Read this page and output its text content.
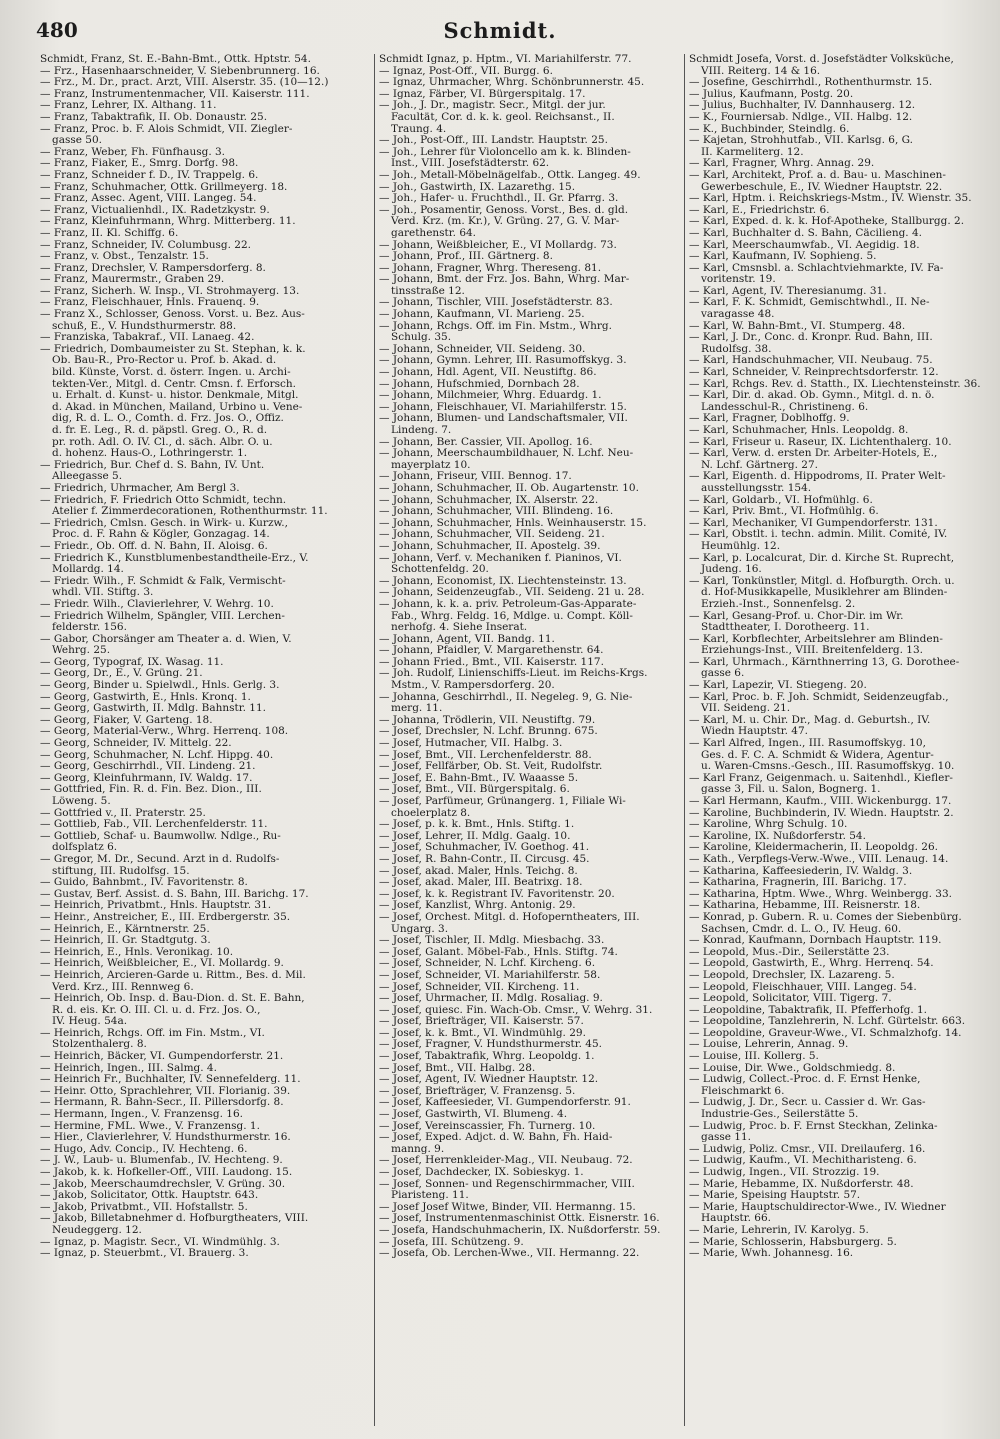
480	Schmidt.
Schmidt, Franz, St. E.-Bahn-Bmt., Ottk. Hptstr. 54.
— Frz., Hasenhaarschneider, V. Siebenbrunnerg. 16.
— Frz., M. Dr., pract. Arzt, VIII. Alserstr. 35. (10—12.)
— Franz, Instrumentenmacher, VII. Kaiserstr. 111.
— Franz, Lehrer, IX. Althang. 11.
— Franz, Tabaktrafik, II. Ob. Donaustr. 25.
— Franz, Proc. b. F. Alois Schmidt, VII. Ziegler-
gasse 50.
— Franz, Weber, Fh. Fünfhausg. 3.
— Franz, Fiaker, E., Smrg. Dorfg. 98.
— Franz, Schneider f. D., IV. Trappelg. 6.
— Franz, Schuhmacher, Ottk. Grillmeyerg. 18.
— Franz, Assec. Agent, VIII. Langeg. 54.
— Franz, Victualienhdl., IX. Radetzkystr. 9.
— Franz, Kleinfuhrmann, Whrg. Mitterberg. 11.
— Franz, II. Kl. Schiffg. 6.
— Franz, Schneider, IV. Columbusg. 22.
— Franz, v. Obst., Tenzalstr. 15.
— Franz, Drechsler, V. Rampersdorferg. 8.
— Franz, Maurermstr., Graben 29.
— Franz, Sicherh. W. Insp., VI. Strohmayerg. 13.
— Franz, Fleischhauer, Hnls. Frauenq. 9.
— Franz X., Schlosser, Genoss. Vorst. u. Bez. Aus-
schuß, E., V. Hundsthurmerstr. 88.
— Franziska, Tabakraf., VII. Lanaeg. 42.
— Friedrich, Dombaumeister zu St. Stephan, k. k.
Ob. Bau-R., Pro-Rector u. Prof. b. Akad. d.
bild. Künste, Vorst. d. österr. Ingen. u. Archi-
tekten-Ver., Mitgl. d. Centr. Cmsn. f. Erforsch.
u. Erhalt. d. Kunst- u. histor. Denkmale, Mitgl.
d. Akad. in München, Mailand, Urbino u. Vene-
dig, R. d. L. O., Comth. d. Frz. Jos. O., Offiz.
d. fr. E. Leg., R. d. päpstl. Greg. O., R. d.
pr. roth. Adl. O. IV. Cl., d. säch. Albr. O. u.
d. hohenz. Haus-O., Lothringerstr. 1.
— Friedrich, Bur. Chef d. S. Bahn, IV. Unt.
Alleegasse 5.
— Friedrich, Uhrmacher, Am Bergl 3.
— Friedrich, F. Friedrich Otto Schmidt, techn.
Atelier f. Zimmerdecorationen, Rothenthurmstr. 11.
— Friedrich, Cmlsn. Gesch. in Wirk- u. Kurzw.,
Proc. d. F. Rahn & Kögler, Gonzagag. 14.
— Friedr., Ob. Off. d. N. Bahn, II. Aloisg. 6.
— Friedrich K., Kunstblumenbestandtheile-Erz., V.
Mollardg. 14.
— Friedr. Wilh., F. Schmidt & Falk, Vermischt-
whdl. VII. Stiftg. 3.
— Friedr. Wilh., Clavierlehrer, V. Wehrg. 10.
— Friedrich Wilhelm, Spängler, VIII. Lerchen-
felderstr. 156.
— Gabor, Chorsänger am Theater a. d. Wien, V.
Wehrg. 25.
— Georg, Typograf, IX. Wasag. 11.
— Georg, Dr., E., V. Grüng. 21.
— Georg, Binder u. Spielwdl., Hnls. Gerlg. 3.
— Georg, Gastwirth, E., Hnls. Kronq. 1.
— Georg, Gastwirth, II. Mdlg. Bahnstr. 11.
— Georg, Fiaker, V. Garteng. 18.
— Georg, Material-Verw., Whrg. Herrenq. 108.
— Georg, Schneider, IV. Mittelg. 22.
— Georg, Schuhmacher, N. Lchf. Hippg. 40.
— Georg, Geschirrhdl., VII. Lindeng. 21.
— Georg, Kleinfuhrmann, IV. Waldg. 17.
— Gottfried, Fin. R. d. Fin. Bez. Dion., III.
Löweng. 5.
— Gottfried v., II. Praterstr. 25.
— Gottlieb, Fab., VII. Lerchenfelderstr. 11.
— Gottlieb, Schaf- u. Baumwollw. Ndlge., Ru-
dolfsplatz 6.
— Gregor, M. Dr., Secund. Arzt in d. Rudolfs-
stiftung, III. Rudolfsg. 15.
— Guido, Bahnbmt., IV. Favoritenstr. 8.
— Gustav, Berf. Assist. d. S. Bahn, III. Barichg. 17.
— Heinrich, Privatbmt., Hnls. Hauptstr. 31.
— Heinr., Anstreicher, E., III. Erdbergerstr. 35.
— Heinrich, E., Kärntnerstr. 25.
— Heinrich, II. Gr. Stadtgutg. 3.
— Heinrich, E., Hnls. Veronikag. 10.
— Heinrich, Weißbleicher, E., VI. Mollardg. 9.
— Heinrich, Arcieren-Garde u. Rittm., Bes. d. Mil.
Verd. Krz., III. Rennweg 6.
— Heinrich, Ob. Insp. d. Bau-Dion. d. St. E. Bahn,
R. d. eis. Kr. O. III. Cl. u. d. Frz. Jos. O.,
IV. Heug. 54a.
— Heinrich, Rchgs. Off. im Fin. Mstm., VI.
Stolzenthalerg. 8.
— Heinrich, Bäcker, VI. Gumpendorferstr. 21.
— Heinrich, Ingen., III. Salmg. 4.
— Heinrich Fr., Buchhalter, IV. Sennefelderg. 11.
— Heinr. Otto, Sprachlehrer, VII. Florianig. 39.
— Hermann, R. Bahn-Secr., II. Pillersdorfg. 8.
— Hermann, Ingen., V. Franzensg. 16.
— Hermine, FML. Wwe., V. Franzensg. 1.
— Hier., Clavierlehrer, V. Hundsthurmerstr. 16.
— Hugo, Adv. Concip., IV. Hechteng. 6.
— J. W., Laub- u. Blumenfab., IV. Hechteng. 9.
— Jakob, k. k. Hofkeller-Off., VIII. Laudong. 15.
— Jakob, Meerschaumdrechsler, V. Grüng. 30.
— Jakob, Solicitator, Ottk. Hauptstr. 643.
— Jakob, Privatbmt., VII. Hofstallstr. 5.
— Jakob, Billetabnehmer d. Hofburgtheaters, VIII.
Neudeggerg. 12.
— Ignaz, p. Magistr. Secr., VI. Windmühlg. 3.
— Ignaz, p. Steuerbmt., VI. Brauerg. 3.
Schmidt Ignaz, p. Hptm., VI. Mariahilferstr. 77.
— Ignaz, Post-Off., VII. Burgg. 6.
— Ignaz, Uhrmacher, Whrg. Schönbrunnerstr. 45.
— Ignaz, Färber, VI. Bürgerspitalg. 17.
— Joh., J. Dr., magistr. Secr., Mitgl. der jur.
Facultät, Cor. d. k. k. geol. Reichsanst., II.
Traung. 4.
— Joh., Post-Off., III. Landstr. Hauptstr. 25.
— Joh., Lehrer für Violoncello am k. k. Blinden-
Inst., VIII. Josefstädterstr. 62.
— Joh., Metall-Möbelnägelfab., Ottk. Langeg. 49.
— Joh., Gastwirth, IX. Lazarethg. 15.
— Joh., Hafer- u. Fruchthdl., II. Gr. Pfarrg. 3.
— Joh., Posamentir, Genoss. Vorst., Bes. d. gld.
Verd. Krz. (m. Kr.), V. Grüng. 27, G. V. Mar-
garethenstr. 64.
— Johann, Weißbleicher, E., VI Mollardg. 73.
— Johann, Prof., III. Gärtnerg. 8.
— Johann, Fragner, Whrg. Thereseng. 81.
— Johann, Bmt. der Frz. Jos. Bahn, Whrg. Mar-
tinsstraße 12.
— Johann, Tischler, VIII. Josefstädterstr. 83.
— Johann, Kaufmann, VI. Marieng. 25.
— Johann, Rchgs. Off. im Fin. Mstm., Whrg.
Schulg. 35.
— Johann, Schneider, VII. Seideng. 30.
— Johann, Gymn. Lehrer, III. Rasumoffskyg. 3.
— Johann, Hdl. Agent, VII. Neustiftg. 86.
— Johann, Hufschmied, Dornbach 28.
— Johann, Milchmeier, Whrg. Eduardg. 1.
— Johann, Fleischhauer, VI. Mariahilferstr. 15.
— Johann, Blumen- und Landschaftsmaler, VII.
Lindeng. 7.
— Johann, Ber. Cassier, VII. Apollog. 16.
— Johann, Meerschaumbildhauer, N. Lchf. Neu-
mayerplatz 10.
— Johann, Friseur, VIII. Bennog. 17.
— Johann, Schuhmacher, II. Ob. Augartenstr. 10.
— Johann, Schuhmacher, IX. Alserstr. 22.
— Johann, Schuhmacher, VIII. Blindeng. 16.
— Johann, Schuhmacher, Hnls. Weinhauserstr. 15.
— Johann, Schuhmacher, VII. Seideng. 21.
— Johann, Schuhmacher, II. Apostelg. 39.
— Johann, Verf. v. Mechaniken f. Pianinos, VI.
Schottenfeldg. 20.
— Johann, Economist, IX. Liechtensteinstr. 13.
— Johann, Seidenzeugfab., VII. Seideng. 21 u. 28.
— Johann, k. k. a. priv. Petroleum-Gas-Apparate-
Fab., Whrg. Feldg. 16, Mdlge. u. Compt. Köll-
nerhofg. 4. Siehe Inserat.
— Johann, Agent, VII. Bandg. 11.
— Johann, Pfaidler, V. Margarethenstr. 64.
— Johann Fried., Bmt., VII. Kaiserstr. 117.
— Joh. Rudolf, Linienschiffs-Lieut. im Reichs-Krgs.
Mstm., V. Rampersdorferg. 20.
— Johanna, Geschirrhdl., II. Negeleg. 9, G. Nie-
merg. 11.
— Johanna, Trödlerin, VII. Neustiftg. 79.
— Josef, Drechsler, N. Lchf. Brunng. 675.
— Josef, Hutmacher, VII. Halbg. 3.
— Josef, Bmt., VII. Lerchenfelderstr. 88.
— Josef, Fellfärber, Ob. St. Veit, Rudolfstr.
— Josef, E. Bahn-Bmt., IV. Waaasse 5.
— Josef, Bmt., VII. Bürgerspitalg. 6.
— Josef, Parfümeur, Grünangerg. 1, Filiale Wi-
choelerplatz 8.
— Josef, p. k. k. Bmt., Hnls. Stiftg. 1.
— Josef, Lehrer, II. Mdlg. Gaalg. 10.
— Josef, Schuhmacher, IV. Goethog. 41.
— Josef, R. Bahn-Contr., II. Circusg. 45.
— Josef, akad. Maler, Hnls. Teichg. 8.
— Josef, akad. Maler, III. Beatrixg. 18.
— Josef, k. k. Registrant IV. Favoritenstr. 20.
— Josef, Kanzlist, Whrg. Antonig. 29.
— Josef, Orchest. Mitgl. d. Hofoperntheaters, III.
Ungarg. 3.
— Josef, Tischler, II. Mdlg. Miesbachg. 33.
— Josef, Galant. Möbel-Fab., Hnls. Stiftg. 74.
— Josef, Schneider, N. Lchf. Kircheng. 6.
— Josef, Schneider, VI. Mariahilferstr. 58.
— Josef, Schneider, VII. Kircheng. 11.
— Josef, Uhrmacher, II. Mdlg. Rosaliag. 9.
— Josef, quiesc. Fin. Wach-Ob. Cmsr., V. Wehrg. 31.
— Josef, Briefträger, VII. Kaiserstr. 57.
— Josef, k. k. Bmt., VI. Windmühlg. 29.
— Josef, Fragner, V. Hundsthurmerstr. 45.
— Josef, Tabaktrafik, Whrg. Leopoldg. 1.
— Josef, Bmt., VII. Halbg. 28.
— Josef, Agent, IV. Wiedner Hauptstr. 12.
— Josef, Briefträger, V. Franzensg. 5.
— Josef, Kaffeesieder, VI. Gumpendorferstr. 91.
— Josef, Gastwirth, VI. Blumeng. 4.
— Josef, Vereinscassier, Fh. Turnerg. 10.
— Josef, Exped. Adjct. d. W. Bahn, Fh. Haid-
manng. 9.
— Josef, Herrenkleider-Mag., VII. Neubaug. 72.
— Josef, Dachdecker, IX. Sobieskyg. 1.
— Josef, Sonnen- und Regenschirmmacher, VIII.
Piaristeng. 11.
— Josef Josef Witwe, Binder, VII. Hermanng. 15.
— Josef, Instrumentenmaschinist Ottk. Eisnerstr. 16.
— Josefa, Handschuhmacherin, IX. Nußdorferstr. 59.
— Josefa, III. Schützeng. 9.
— Josefa, Ob. Lerchen-Wwe., VII. Hermanng. 22.
Schmidt Josefa, Vorst. d. Josefstädter Volksküche,
VIII. Reiterg. 14 & 16.
— Josefine, Geschirrhdl., Rothenthurmstr. 15.
— Julius, Kaufmann, Postg. 20.
— Julius, Buchhalter, IV. Dannhauserg. 12.
— K., Fourniersab. Ndlge., VII. Halbg. 12.
— K., Buchbinder, Steindlg. 6.
— Kajetan, Strohhutfab., VII. Karlsg. 6, G.
II. Karmeliterg. 12.
— Karl, Fragner, Whrg. Annag. 29.
— Karl, Architekt, Prof. a. d. Bau- u. Maschinen-
Gewerbeschule, E., IV. Wiedner Hauptstr. 22.
— Karl, Hptm. i. Reichskriegs-Mstm., IV. Wienstr. 35.
— Karl, E., Friedrichstr. 6.
— Karl, Exped. d. k. k. Hof-Apotheke, Stallburgg. 2.
— Karl, Buchhalter d. S. Bahn, Cäcilieng. 4.
— Karl, Meerschaumwfab., VI. Aegidig. 18.
— Karl, Kaufmann, IV. Sophieng. 5.
— Karl, Cmsnsbl. a. Schlachtviehmarkte, IV. Fa-
voritenstr. 19.
— Karl, Agent, IV. Theresianumg. 31.
— Karl, F. K. Schmidt, Gemischtwhdl., II. Ne-
varagasse 48.
— Karl, W. Bahn-Bmt., VI. Stumperg. 48.
— Karl, J. Dr., Conc. d. Kronpr. Rud. Bahn, III.
Rudolfsg. 38.
— Karl, Handschuhmacher, VII. Neubaug. 75.
— Karl, Schneider, V. Reinprechtsdorferstr. 12.
— Karl, Rchgs. Rev. d. Statth., IX. Liechtensteinstr. 36.
— Karl, Dir. d. akad. Ob. Gymn., Mitgl. d. n. ö.
Landesschul-R., Christineng. 6.
— Karl, Fragner, Doblhoffg. 9.
— Karl, Schuhmacher, Hnls. Leopoldg. 8.
— Karl, Friseur u. Raseur, IX. Lichtenthalerg. 10.
— Karl, Verw. d. ersten Dr. Arbeiter-Hotels, E.,
N. Lchf. Gärtnerg. 27.
— Karl, Eigenth. d. Hippodroms, II. Prater Welt-
ausstellungsstr. 154.
— Karl, Goldarb., VI. Hofmühlg. 6.
— Karl, Priv. Bmt., VI. Hofmühlg. 6.
— Karl, Mechaniker, VI Gumpendorferstr. 131.
— Karl, Obstlt. i. techn. admin. Milit. Comité, IV.
Heumühlg. 12.
— Karl, p. Localcurat, Dir. d. Kirche St. Ruprecht,
Judeng. 16.
— Karl, Tonkünstler, Mitgl. d. Hofburgth. Orch. u.
d. Hof-Musikkapelle, Musiklehrer am Blinden-
Erzieh.-Inst., Sonnenfelsg. 2.
— Karl, Gesang-Prof. u. Chor-Dir. im Wr.
Stadttheater, I. Dorotheerg. 11.
— Karl, Korbflechter, Arbeitslehrer am Blinden-
Erziehungs-Inst., VIII. Breitenfelderg. 13.
— Karl, Uhrmach., Kärnthnerring 13, G. Dorothee-
gasse 6.
— Karl, Lapezir, VI. Stiegeng. 20.
— Karl, Proc. b. F. Joh. Schmidt, Seidenzeugfab.,
VII. Seideng. 21.
— Karl, M. u. Chir. Dr., Mag. d. Geburtsh., IV.
Wiedn Hauptstr. 47.
— Karl Alfred, Ingen., III. Rasumoffskyg. 10,
Ges. d. F. C. A. Schmidt & Widera, Agentur-
u. Waren-Cmsns.-Gesch., III. Rasumoffskyg. 10.
— Karl Franz, Geigenmach. u. Saitenhdl., Kiefler-
gasse 3, Fil. u. Salon, Bognerg. 1.
— Karl Hermann, Kaufm., VIII. Wickenburgg. 17.
— Karoline, Buchbinderin, IV. Wiedn. Hauptstr. 2.
— Karoline, Whrg Schulg. 10.
— Karoline, IX. Nußdorferstr. 54.
— Karoline, Kleidermacherin, II. Leopoldg. 26.
— Kath., Verpflegs-Verw.-Wwe., VIII. Lenaug. 14.
— Katharina, Kaffeesiederin, IV. Waldg. 3.
— Katharina, Fragnerin, III. Barichg. 17.
— Katharina, Hptm. Wwe., Whrg. Weinbergg. 33.
— Katharina, Hebamme, III. Reisnerstr. 18.
— Konrad, p. Gubern. R. u. Comes der Siebenbürg.
Sachsen, Cmdr. d. L. O., IV. Heug. 60.
— Konrad, Kaufmann, Dornbach Hauptstr. 119.
— Leopold, Mus.-Dir., Seilerstätte 23.
— Leopold, Gastwirth, E., Whrg. Herrenq. 54.
— Leopold, Drechsler, IX. Lazareng. 5.
— Leopold, Fleischhauer, VIII. Langeg. 54.
— Leopold, Solicitator, VIII. Tigerg. 7.
— Leopoldine, Tabaktrafik, II. Pfefferhofg. 1.
— Leopoldine, Tanzlehrerin, N. Lchf. Gürtelstr. 663.
— Leopoldine, Graveur-Wwe., VI. Schmalzhofg. 14.
— Louise, Lehrerin, Annag. 9.
— Louise, III. Kollerg. 5.
— Louise, Dir. Wwe., Goldschmiedg. 8.
— Ludwig, Collect.-Proc. d. F. Ernst Henke,
Fleischmarkt 6.
— Ludwig, J. Dr., Secr. u. Cassier d. Wr. Gas-
Industrie-Ges., Seilerstätte 5.
— Ludwig, Proc. b. F. Ernst Steckhan, Zelinka-
gasse 11.
— Ludwig, Poliz. Cmsr., VII. Dreilauferg. 16.
— Ludwig, Kaufm., VI. Mechitharisteng. 6.
— Ludwig, Ingen., VII. Strozzig. 19.
— Marie, Hebamme, IX. Nußdorferstr. 48.
— Marie, Speising Hauptstr. 57.
— Marie, Hauptschuldirector-Wwe., IV. Wiedner
Hauptstr. 66.
— Marie, Lehrerin, IV. Karolyg. 5.
— Marie, Schlosserin, Habsburgerg. 5.
— Marie, Wwh. Johannesg. 16.
